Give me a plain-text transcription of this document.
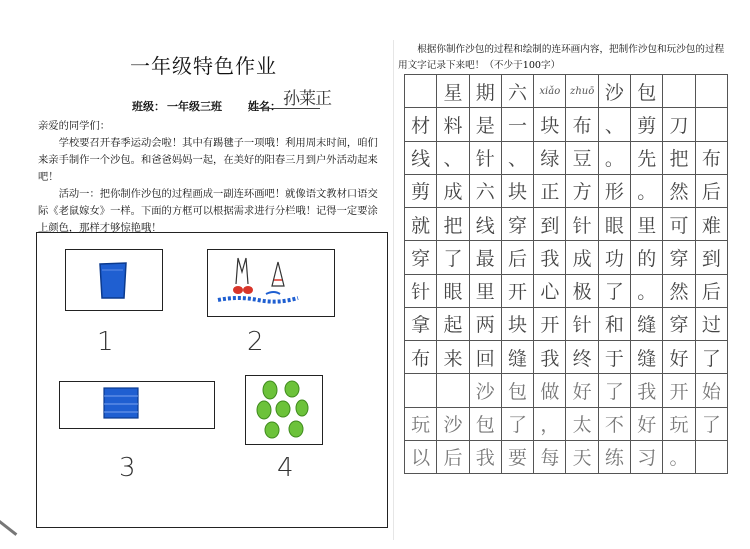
一年级特色作业
班级： 一年级三班 姓名： 孙莱正

亲爱的同学们：

学校要召开春季运动会啦！其中有踢毽子一项哦！利用周末时间，咱们来亲手制作一个沙包。和爸爸妈妈一起，在美好的阳春三月到户外活动起来吧！

活动一：把你制作沙包的过程画成一副连环画吧！就像语文教材口语交际《老鼠嫁女》一样。下面的方框可以根据需求进行分栏哦！记得一定要涂上颜色，那样才够惊艳哦！

1	2
3	4

根据你制作沙包的过程和绘制的连环画内容，把制作沙包和玩沙包的过程用文字记录下来吧！（不少于100字）

	星	期	六	xiǎo	zhuō	沙	包		
材	料	是	一	块	布	、	剪	刀	
线	、	针	、	绿	豆	。	先	把	布
剪	成	六	块	正	方	形	。	然	后
就	把	线	穿	到	针	眼	里	可	难
穿	了	最	后	我	成	功	的	穿	到
针	眼	里	开	心	极	了	。	然	后
拿	起	两	块	开	针	和	缝	穿	过
布	来	回	缝	我	终	于	缝	好	了
		沙	包	做	好	了	我	开	始
玩	沙	包	了	，	太	不	好	玩	了
以	后	我	要	每	天	练	习	。	
